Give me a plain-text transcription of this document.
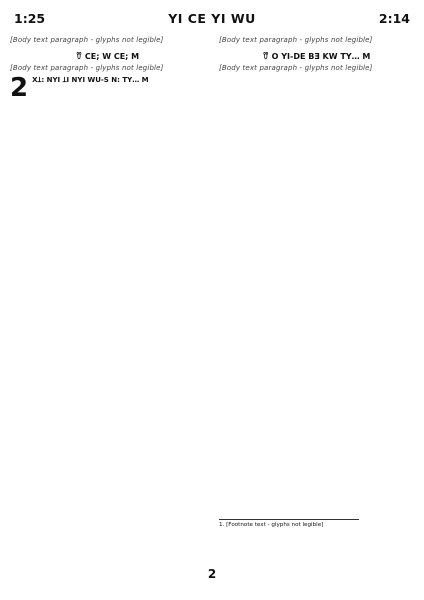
1:25	YI CE YI WU	2:14

[Body text paragraph - glyphs not legible]

ꀎ CE; W CE; M

[Body text paragraph - glyphs not legible]

2 XꞱ: NYI ꞱI NYI WU-S N: TY… M

[Body text paragraph - glyphs not legible]

ꀎ O YI-DE BƎ KW TY… M

[Body text paragraph - glyphs not legible]

1. [Footnote text - glyphs not legible]
2
